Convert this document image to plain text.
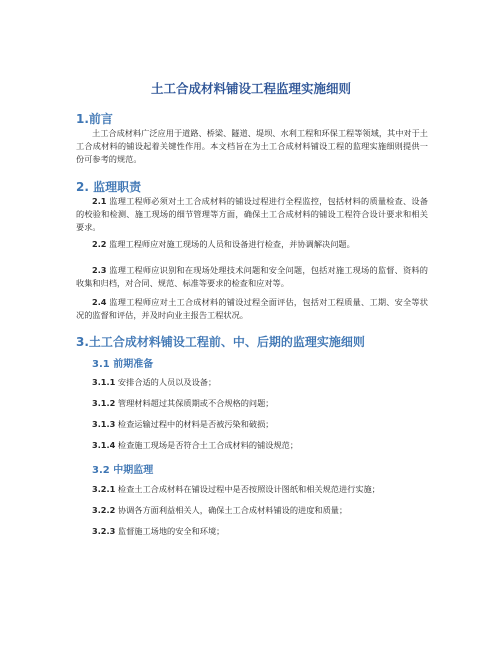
土工合成材料铺设工程监理实施细则
1.前言
土工合成材料广泛应用于道路、桥梁、隧道、堤坝、水利工程和环保工程等领域，其中对于土工合成材料的铺设起着关键性作用。本文档旨在为土工合成材料铺设工程的监理实施细则提供一份可参考的规范。
2. 监理职责
2.1 监理工程师必须对土工合成材料的铺设过程进行全程监控，包括材料的质量检查、设备的校验和检测、施工现场的细节管理等方面，确保土工合成材料的铺设工程符合设计要求和相关要求。
2.2 监理工程师应对施工现场的人员和设备进行检查，并协调解决问题。
2.3 监理工程师应识别和在现场处理技术问题和安全问题，包括对施工现场的监督、资料的收集和归档，对合同、规范、标准等要求的检查和应对等。
2.4 监理工程师应对土工合成材料的铺设过程全面评估，包括对工程质量、工期、安全等状况的监督和评估，并及时向业主报告工程状况。
3.土工合成材料铺设工程前、中、后期的监理实施细则
3.1 前期准备
3.1.1 安排合适的人员以及设备；
3.1.2 管理材料超过其保质期或不合规格的问题；
3.1.3 检查运输过程中的材料是否被污染和破损；
3.1.4 检查施工现场是否符合土工合成材料的铺设规范；
3.2 中期监理
3.2.1 检查土工合成材料在铺设过程中是否按照设计图纸和相关规范进行实施；
3.2.2 协调各方面利益相关人，确保土工合成材料铺设的进度和质量；
3.2.3 监督施工场地的安全和环境；
